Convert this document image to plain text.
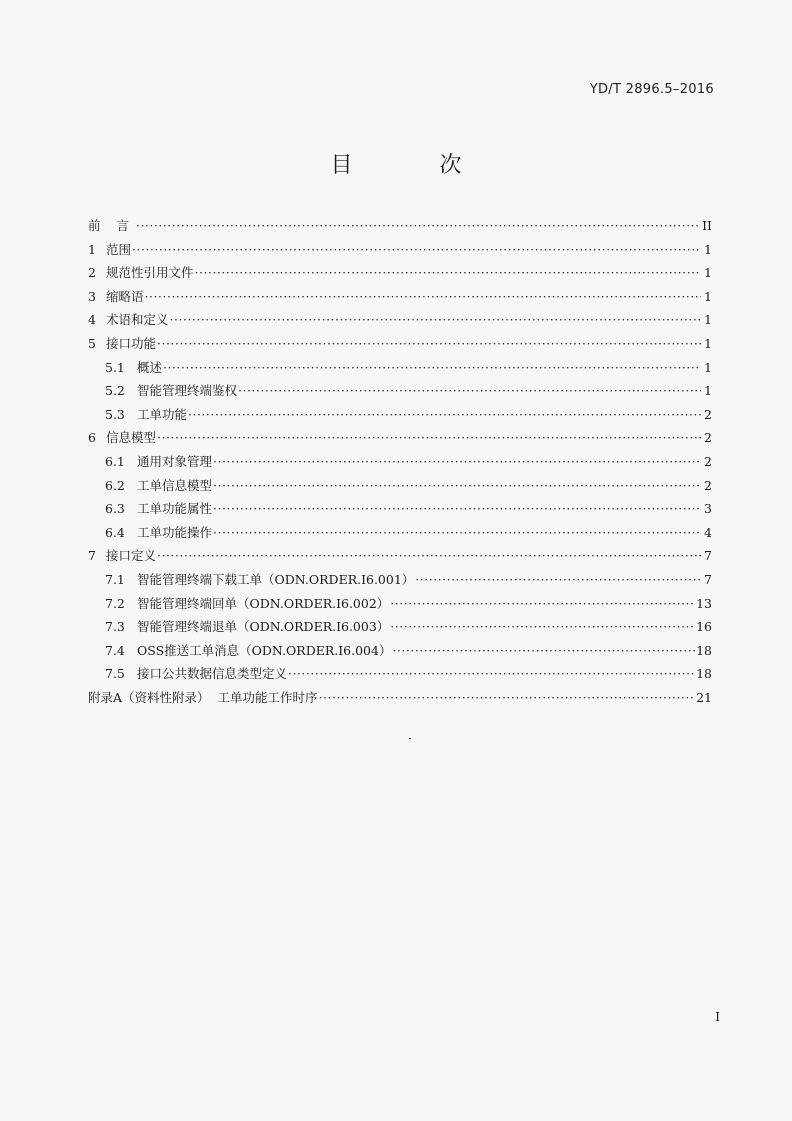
YD/T 2896.5–2016
目 次
前 言 ·····	II
1 范围 ·····	1
2 规范性引用文件 ·····	1
3 缩略语 ·····	1
4 术语和定义 ·····	1
5 接口功能 ·····	1
5.1 概述 ·····	1
5.2 智能管理终端鉴权 ·····	1
5.3 工单功能 ·····	2
6 信息模型 ·····	2
6.1 通用对象管理 ·····	2
6.2 工单信息模型 ·····	2
6.3 工单功能属性 ·····	3
6.4 工单功能操作 ·····	4
7 接口定义 ·····	7
7.1 智能管理终端下载工单（ODN.ORDER.I6.001） ·····	7
7.2 智能管理终端回单（ODN.ORDER.I6.002） ·····	13
7.3 智能管理终端退单（ODN.ORDER.I6.003） ·····	16
7.4 OSS推送工单消息（ODN.ORDER.I6.004） ·····	18
7.5 接口公共数据信息类型定义 ·····	18
附录A（资料性附录） 工单功能工作时序 ·····	21
I
